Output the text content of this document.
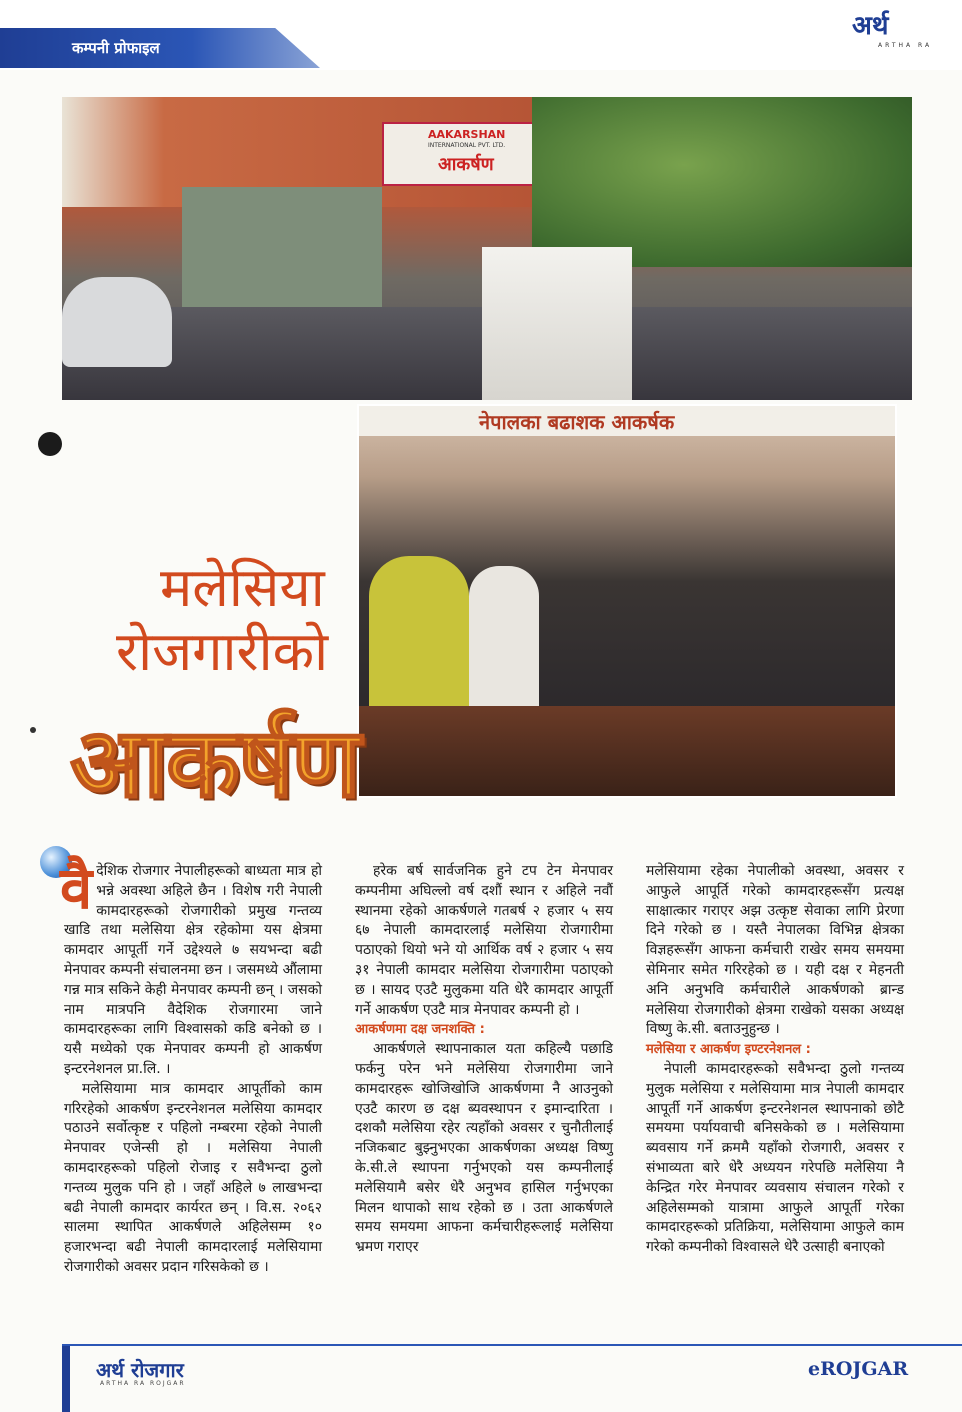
कम्पनी प्रोफाइल
अर्थ
ARTHA RA
AAKARSHAN
INTERNATIONAL PVT. LTD.
आकर्षण
नेपालका बढाशक आकर्षक
मलेसिया
रोजगारीको
आकर्षण

वैदेशिक रोजगार नेपालीहरूको बाध्यता मात्र हो भन्ने अवस्था अहिले छैन । विशेष गरी नेपाली कामदारहरूको रोजगारीको प्रमुख गन्तव्य खाडि तथा मलेसिया क्षेत्र रहेकोमा यस क्षेत्रमा कामदार आपूर्ती गर्ने उद्देश्यले ७ सयभन्दा बढी मेनपावर कम्पनी संचालनमा छन । जसमध्ये औंलामा गन्न मात्र सकिने केही मेनपावर कम्पनी छन् । जसको नाम मात्रपनि वैदेशिक रोजगारमा जाने कामदारहरूका लागि विश्वासको कडि बनेको छ । यसै मध्येको एक मेनपावर कम्पनी हो आकर्षण इन्टरनेशनल प्रा.लि. ।

मलेसियामा मात्र कामदार आपूर्तीको काम गरिरहेको आकर्षण इन्टरनेशनल मलेसिया कामदार पठाउने सर्वोत्कृष्ट र पहिलो नम्बरमा रहेको नेपाली मेनपावर एजेन्सी हो । मलेसिया नेपाली कामदारहरूको पहिलो रोजाइ र सवैभन्दा ठुलो गन्तव्य मुलुक पनि हो । जहाँ अहिले ७ लाखभन्दा बढी नेपाली कामदार कार्यरत छन् । वि.स. २०६२ सालमा स्थापित आकर्षणले अहिलेसम्म १० हजारभन्दा बढी नेपाली कामदारलाई मलेसियामा रोजगारीको अवसर प्रदान गरिसकेको छ ।

हरेक बर्ष सार्वजनिक हुने टप टेन मेनपावर कम्पनीमा अघिल्लो वर्ष दशौं स्थान र अहिले नवौं स्थानमा रहेको आकर्षणले गतबर्ष २ हजार ५ सय ६७ नेपाली कामदारलाई मलेसिया रोजगारीमा पठाएको थियो भने यो आर्थिक वर्ष २ हजार ५ सय ३१ नेपाली कामदार मलेसिया रोजगारीमा पठाएको छ । सायद एउटै मुलुकमा यति धेरै कामदार आपूर्ती गर्ने आकर्षण एउटै मात्र मेनपावर कम्पनी हो ।

आकर्षणमा दक्ष जनशक्ति :

आकर्षणले स्थापनाकाल यता कहिल्यै पछाडि फर्कनु परेन भने मलेसिया रोजगारीमा जाने कामदारहरू खोजिखोजि आकर्षणमा नै आउनुको एउटै कारण छ दक्ष ब्यवस्थापन र इमान्दारिता । दशकौ मलेसिया रहेर त्यहाँको अवसर र चुनौतीलाई नजिकबाट बुझ्नुभएका आकर्षणका अध्यक्ष विष्णु के.सी.ले स्थापना गर्नुभएको यस कम्पनीलाई मलेसियामै बसेर धेरै अनुभव हासिल गर्नुभएका मिलन थापाको साथ रहेको छ । उता आकर्षणले समय समयमा आफना कर्मचारीहरूलाई मलेसिया भ्रमण गराएर

मलेसियामा रहेका नेपालीको अवस्था, अवसर र आफुले आपूर्ति गरेको कामदारहरूसँग प्रत्यक्ष साक्षात्कार गराएर अझ उत्कृष्ट सेवाका लागि प्रेरणा दिने गरेको छ । यस्तै नेपालका विभिन्न क्षेत्रका विज्ञहरूसँग आफना कर्मचारी राखेर समय समयमा सेमिनार समेत गरिरहेको छ । यही दक्ष र मेहनती अनि अनुभवि कर्मचारीले आकर्षणको ब्रान्ड मलेसिया रोजगारीको क्षेत्रमा राखेको यसका अध्यक्ष विष्णु के.सी. बताउनुहुन्छ ।

मलेसिया र आकर्षण इण्टरनेशनल :

नेपाली कामदारहरूको सवैभन्दा ठुलो गन्तव्य मुलुक मलेसिया र मलेसियामा मात्र नेपाली कामदार आपूर्ती गर्ने आकर्षण इन्टरनेशनल स्थापनाको छोटै समयमा पर्यायवाची बनिसकेको छ । मलेसियामा ब्यवसाय गर्ने क्रममै यहाँको रोजगारी, अवसर र संभाव्यता बारे धेरै अध्ययन गरेपछि मलेसिया नै केन्द्रित गरेर मेनपावर व्यवसाय संचालन गरेको र अहिलेसम्मको यात्रामा आफुले आपूर्ती गरेका कामदारहरूको प्रतिक्रिया, मलेसियामा आफुले काम गरेको कम्पनीको विश्वासले धेरै उत्साही बनाएको

अर्थ रोजगार
ARTHA RA ROJGAR
eROJGAR
